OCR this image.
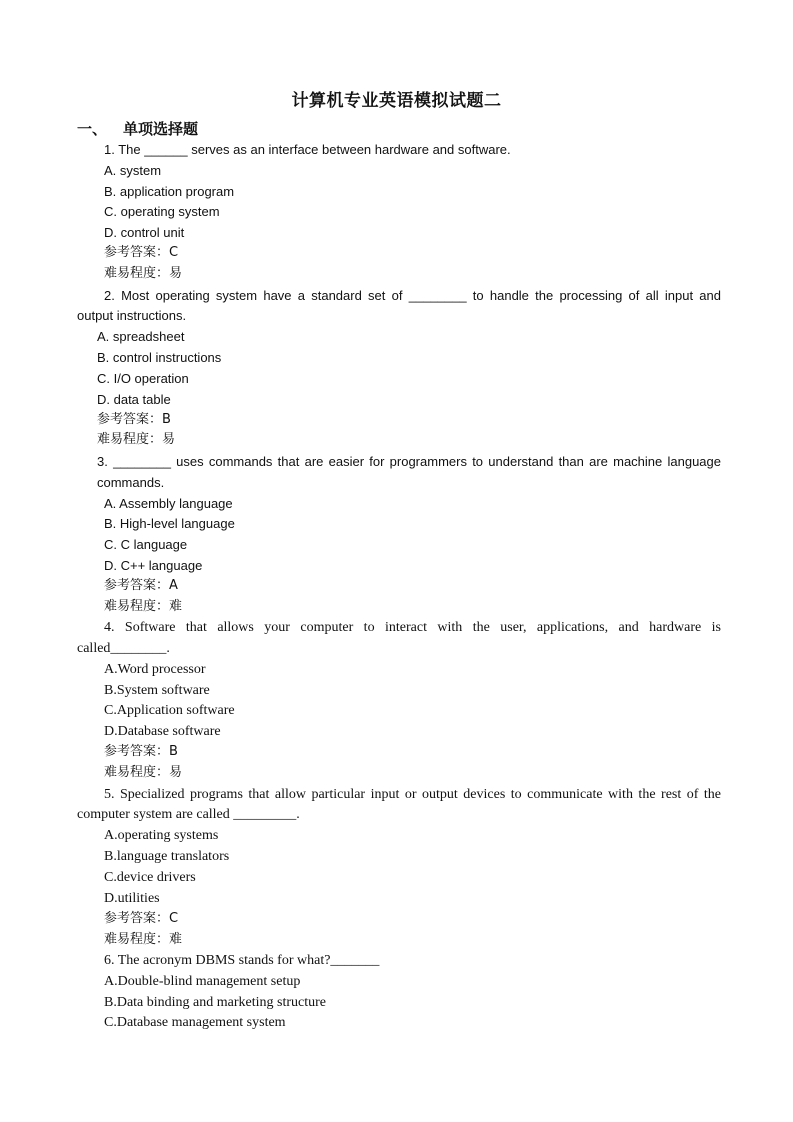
计算机专业英语模拟试题二
一、 单项选择题
1. The ______ serves as an interface between hardware and software.
A. system
B. application program
C. operating system
D. control unit
参考答案：C
难易程度：易
2. Most operating system have a standard set of ________ to handle the processing of all input and
output instructions.
A. spreadsheet
B. control instructions
C. I/O operation
D. data table
参考答案：B
难易程度：易
3. ________ uses commands that are easier for programmers to understand than are machine language
commands.
A. Assembly language
B. High-level language
C. C language
D. C++ language
参考答案：A
难易程度：难
4. Software that allows your computer to interact with the user, applications, and hardware is
called________.
A.Word processor
B.System software
C.Application software
D.Database software
参考答案：B
难易程度：易
5. Specialized programs that allow particular input or output devices to communicate with the rest of the
computer system are called _________.
A.operating systems
B.language translators
C.device drivers
D.utilities
参考答案：C
难易程度：难
6. The acronym DBMS stands for what?_______
A.Double-blind management setup
B.Data binding and marketing structure
C.Database management system
